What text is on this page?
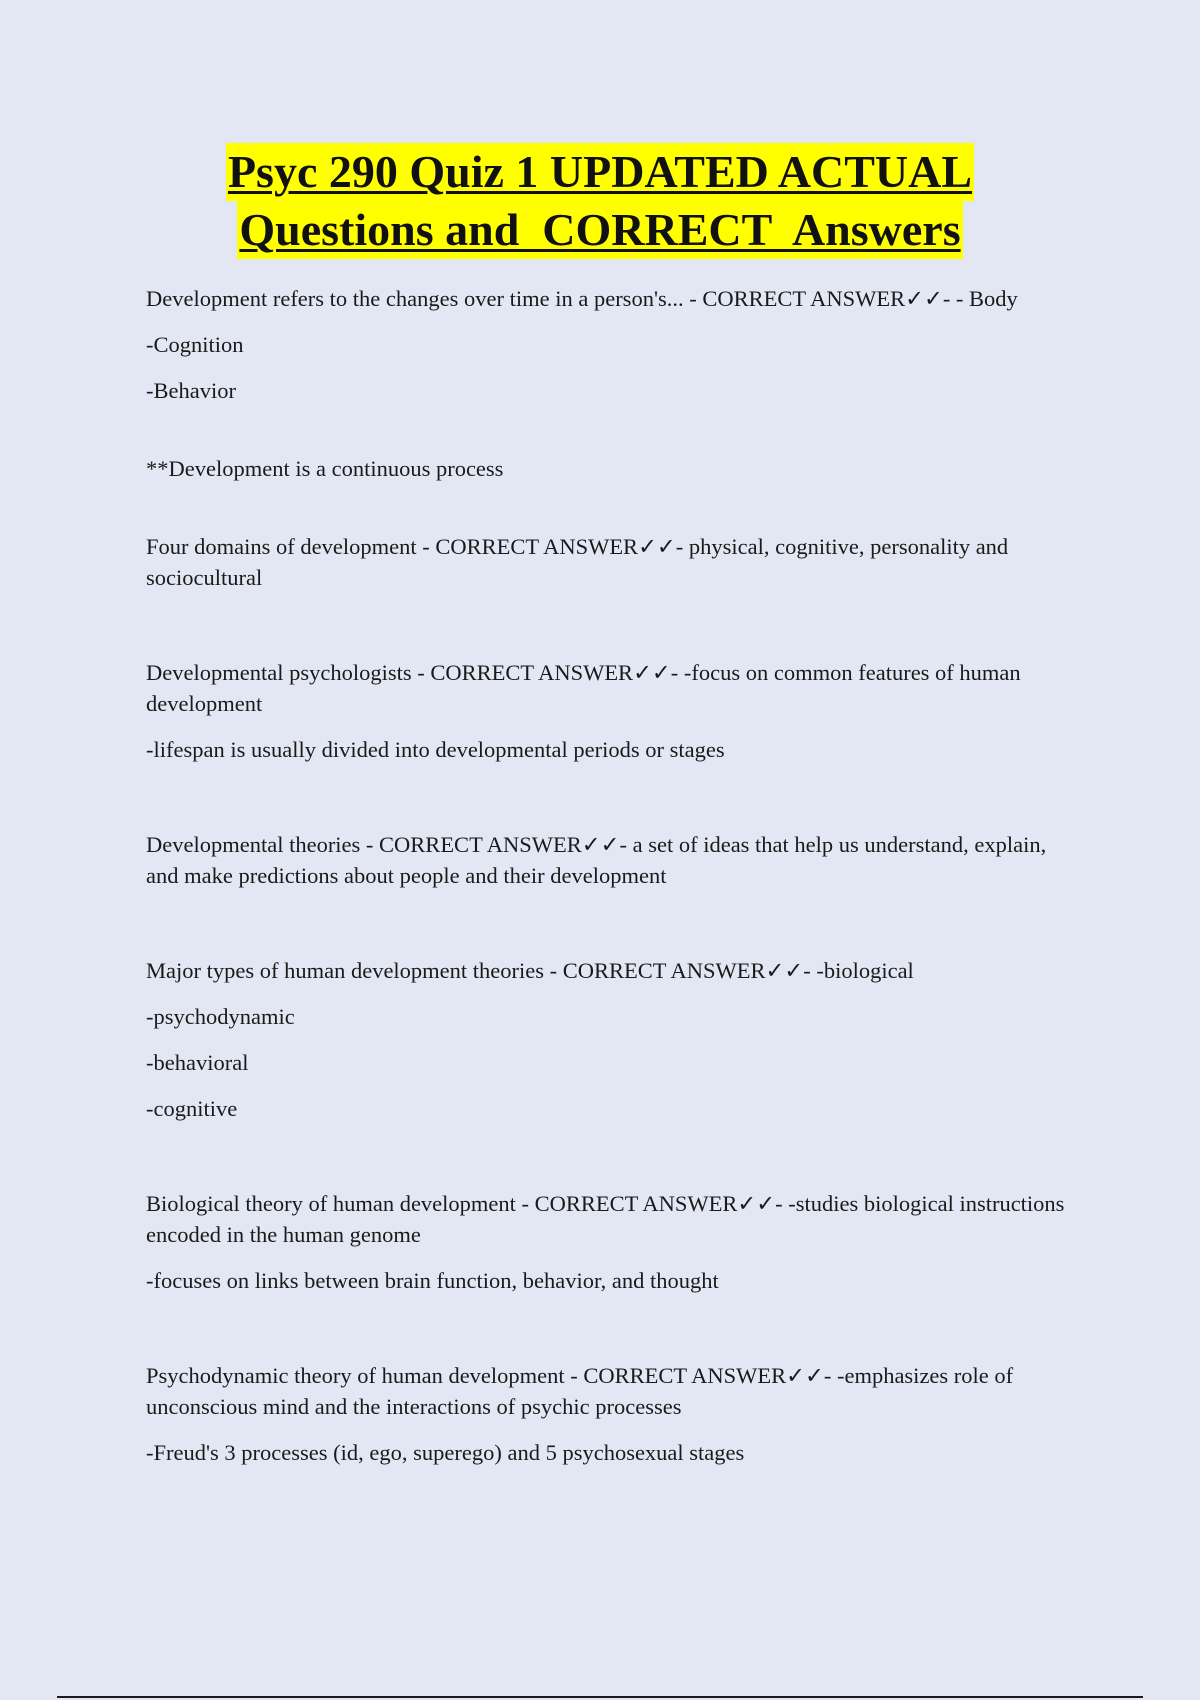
Psyc 290 Quiz 1 UPDATED ACTUAL
Questions and  CORRECT  Answers

Development refers to the changes over time in a person's... - CORRECT ANSWER✓✓- - Body

-Cognition

-Behavior

**Development is a continuous process

Four domains of development - CORRECT ANSWER✓✓- physical, cognitive, personality and sociocultural

Developmental psychologists - CORRECT ANSWER✓✓- -focus on common features of human development

-lifespan is usually divided into developmental periods or stages

Developmental theories - CORRECT ANSWER✓✓- a set of ideas that help us understand, explain, and make predictions about people and their development

Major types of human development theories - CORRECT ANSWER✓✓- -biological

-psychodynamic

-behavioral

-cognitive

Biological theory of human development - CORRECT ANSWER✓✓- -studies biological instructions encoded in the human genome

-focuses on links between brain function, behavior, and thought

Psychodynamic theory of human development - CORRECT ANSWER✓✓- -emphasizes role of unconscious mind and the interactions of psychic processes

-Freud's 3 processes (id, ego, superego) and 5 psychosexual stages
